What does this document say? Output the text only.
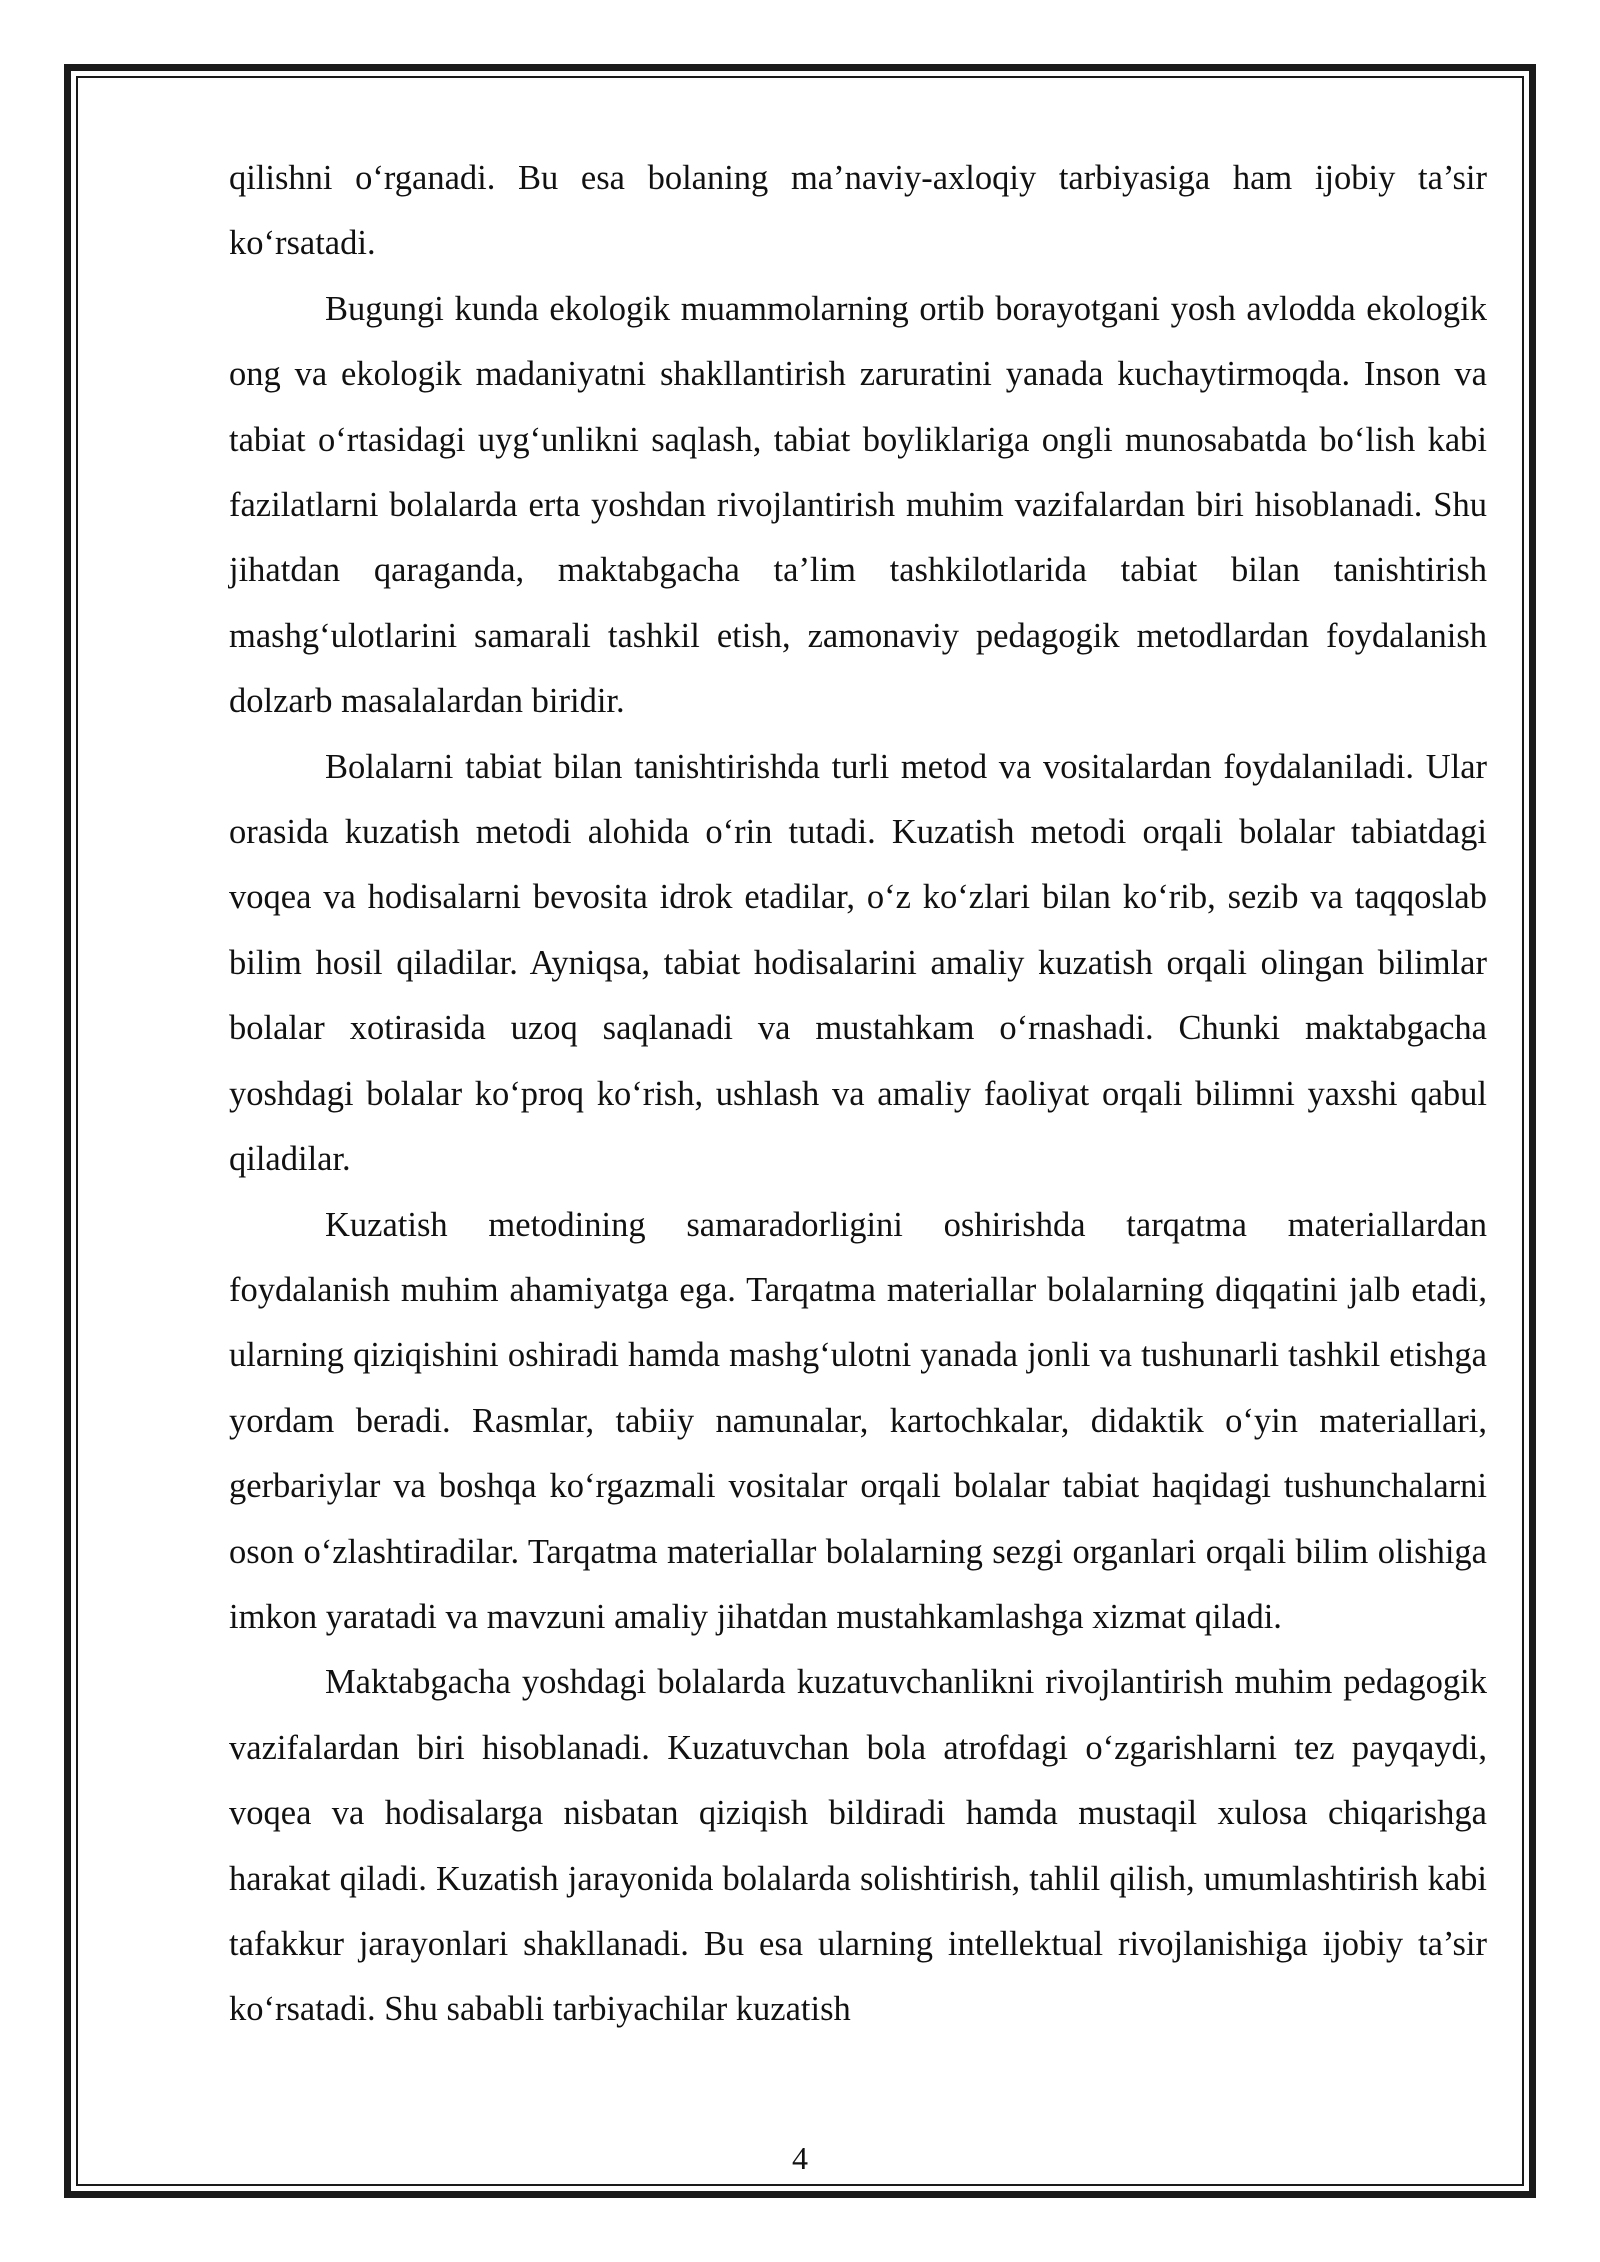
qilishni o‘rganadi. Bu esa bolaning ma’naviy-axloqiy tarbiyasiga ham ijobiy ta’sir ko‘rsatadi.

Bugungi kunda ekologik muammolarning ortib borayotgani yosh avlodda ekologik ong va ekologik madaniyatni shakllantirish zaruratini yanada kuchaytirmoqda. Inson va tabiat o‘rtasidagi uyg‘unlikni saqlash, tabiat boyliklariga ongli munosabatda bo‘lish kabi fazilatlarni bolalarda erta yoshdan rivojlantirish muhim vazifalardan biri hisoblanadi. Shu jihatdan qaraganda, maktabgacha ta’lim tashkilotlarida tabiat bilan tanishtirish mashg‘ulotlarini samarali tashkil etish, zamonaviy pedagogik metodlardan foydalanish dolzarb masalalardan biridir.

Bolalarni tabiat bilan tanishtirishda turli metod va vositalardan foydalaniladi. Ular orasida kuzatish metodi alohida o‘rin tutadi. Kuzatish metodi orqali bolalar tabiatdagi voqea va hodisalarni bevosita idrok etadilar, o‘z ko‘zlari bilan ko‘rib, sezib va taqqoslab bilim hosil qiladilar. Ayniqsa, tabiat hodisalarini amaliy kuzatish orqali olingan bilimlar bolalar xotirasida uzoq saqlanadi va mustahkam o‘rnashadi. Chunki maktabgacha yoshdagi bolalar ko‘proq ko‘rish, ushlash va amaliy faoliyat orqali bilimni yaxshi qabul qiladilar.

Kuzatish metodining samaradorligini oshirishda tarqatma materiallardan foydalanish muhim ahamiyatga ega. Tarqatma materiallar bolalarning diqqatini jalb etadi, ularning qiziqishini oshiradi hamda mashg‘ulotni yanada jonli va tushunarli tashkil etishga yordam beradi. Rasmlar, tabiiy namunalar, kartochkalar, didaktik o‘yin materiallari, gerbariylar va boshqa ko‘rgazmali vositalar orqali bolalar tabiat haqidagi tushunchalarni oson o‘zlashtiradilar. Tarqatma materiallar bolalarning sezgi organlari orqali bilim olishiga imkon yaratadi va mavzuni amaliy jihatdan mustahkamlashga xizmat qiladi.

Maktabgacha yoshdagi bolalarda kuzatuvchanlikni rivojlantirish muhim pedagogik vazifalardan biri hisoblanadi. Kuzatuvchan bola atrofdagi o‘zgarishlarni tez payqaydi, voqea va hodisalarga nisbatan qiziqish bildiradi hamda mustaqil xulosa chiqarishga harakat qiladi. Kuzatish jarayonida bolalarda solishtirish, tahlil qilish, umumlashtirish kabi tafakkur jarayonlari shakllanadi. Bu esa ularning intellektual rivojlanishiga ijobiy ta’sir ko‘rsatadi. Shu sababli tarbiyachilar kuzatish

4
